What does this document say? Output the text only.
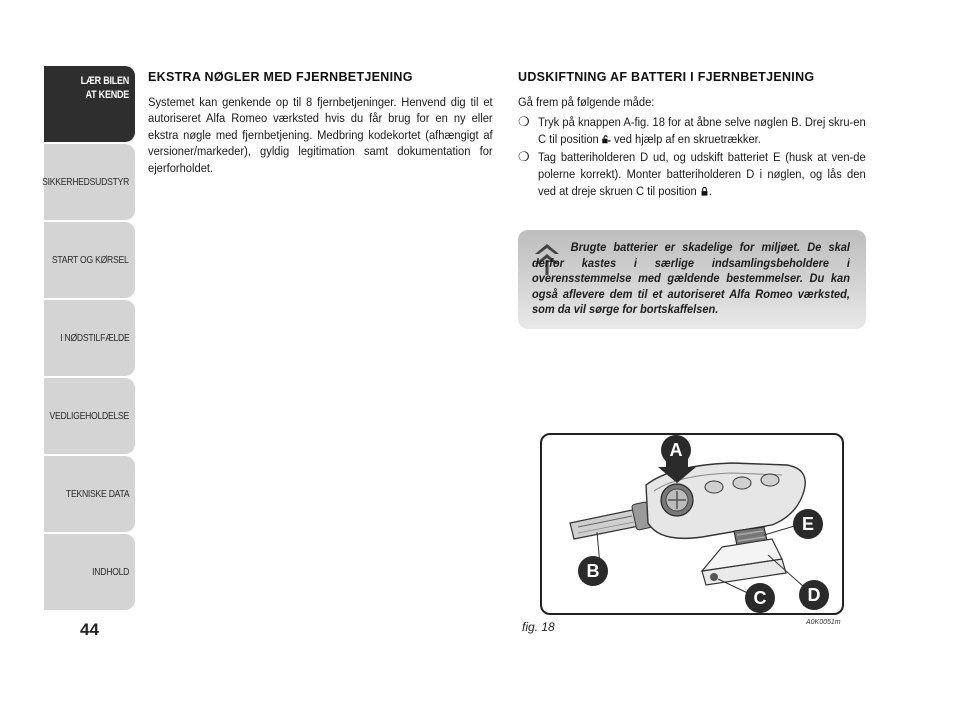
LÆR BILEN
AT KENDE
SIKKERHEDSUDSTYR
START OG KØRSEL
I NØDSTILFÆLDE
VEDLIGEHOLDELSE
TEKNISKE DATA
INDHOLD
44
EKSTRA NØGLER MED FJERNBETJENING

Systemet kan genkende op til 8 fjernbetjeninger. Henvend dig til et autoriseret Alfa Romeo værksted hvis du får brug for en ny eller ekstra nøgle med fjernbetjening. Medbring kodekortet (afhængigt af versioner/markeder), gyldig legitimation samt dokumentation for ejerforholdet.

UDSKIFTNING AF BATTERI I FJERNBETJENING

Gå frem på følgende måde:

❍ Tryk på knappen A-fig. 18 for at åbne selve nøglen B. Drej skru-en C til position  ved hjælp af en skruetrækker.
❍ Tag batteriholderen D ud, og udskift batteriet E (husk at ven-de polerne korrekt). Monter batteriholderen D i nøglen, og lås den ved at dreje skruen C til position .

Brugte batterier er skadelige for miljøet. De skal derfor kastes i særlige indsamlingsbeholdere i overensstemmelse med gældende bestemmelser. Du kan også aflevere dem til et autoriseret Alfa Romeo værksted, som da vil sørge for bortskaffelsen.

A
B
C	D
E
fig. 18	A0K0051m
